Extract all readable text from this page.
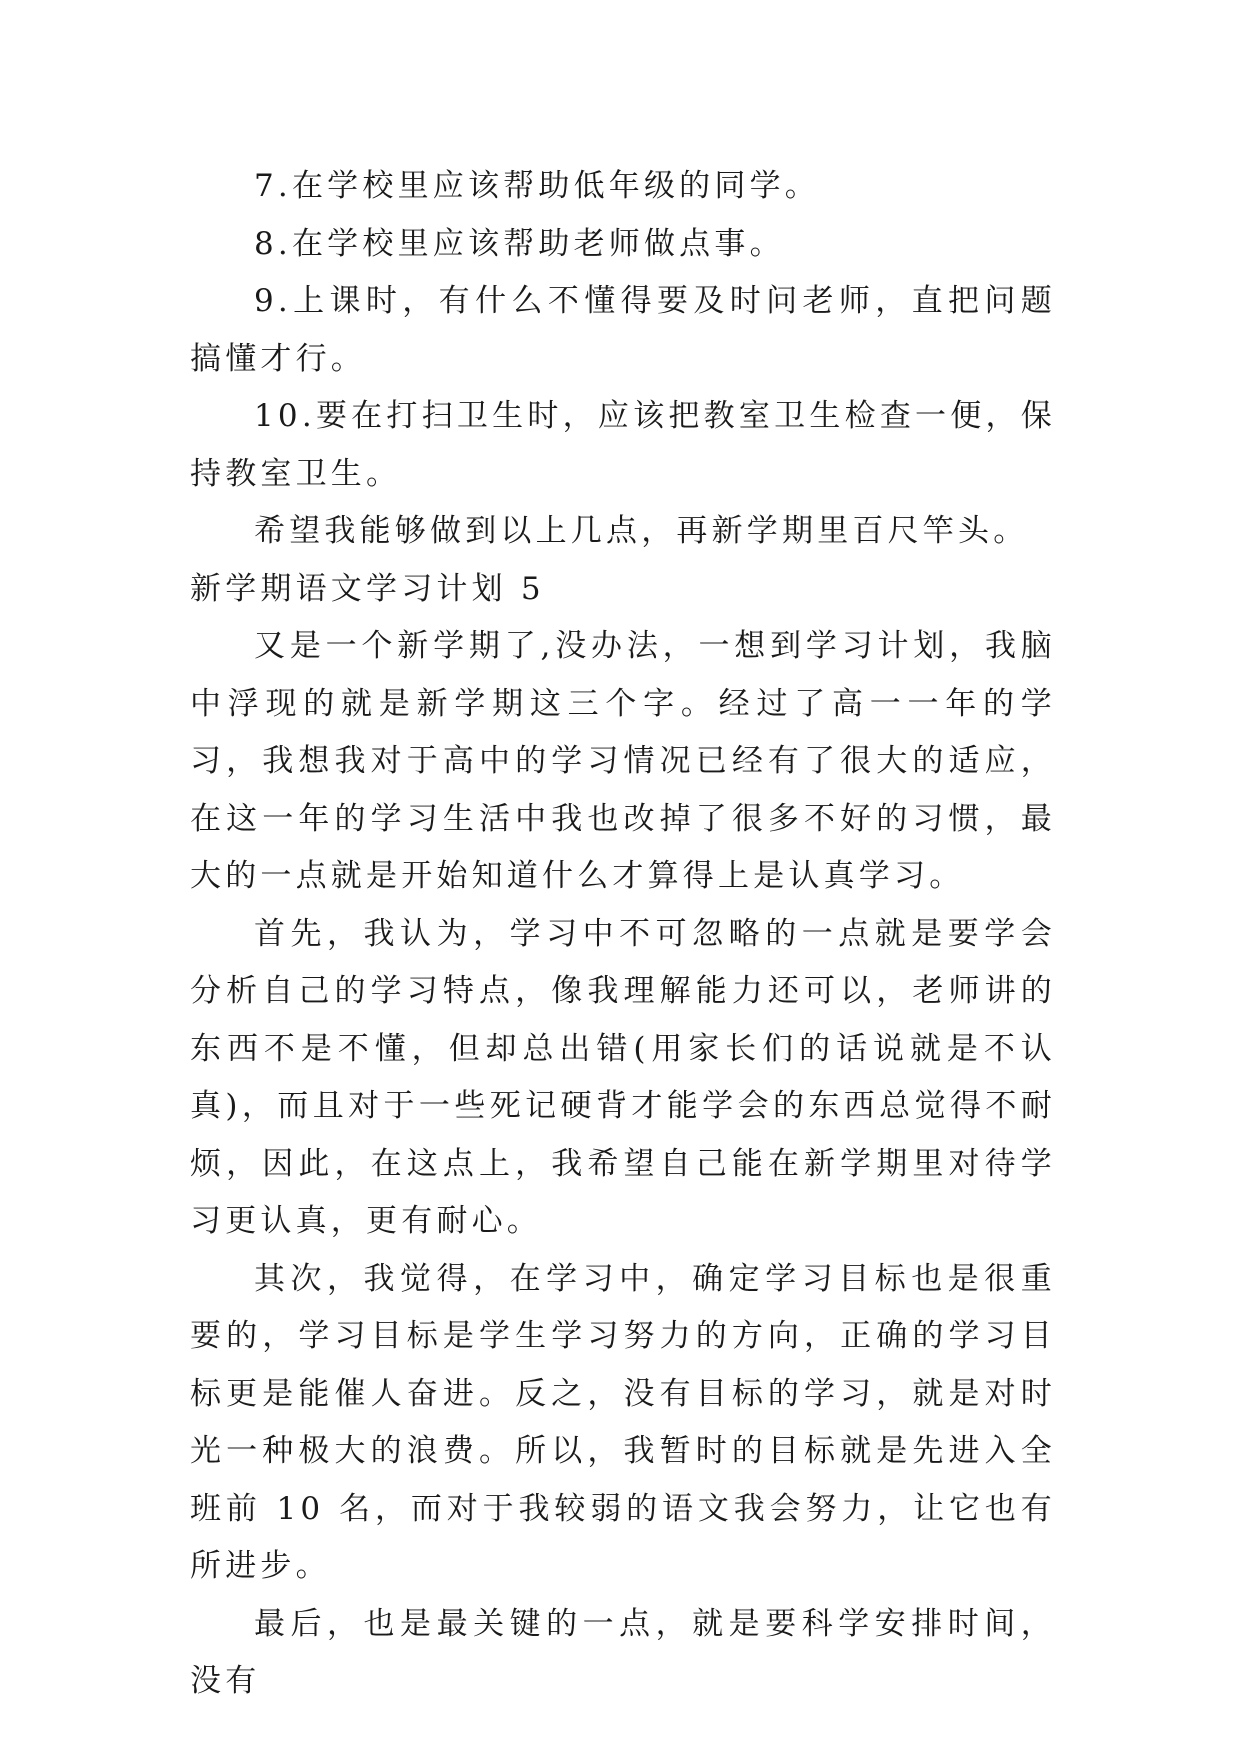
7.在学校里应该帮助低年级的同学。

8.在学校里应该帮助老师做点事。

9.上课时，有什么不懂得要及时问老师，直把问题搞懂才行。

10.要在打扫卫生时，应该把教室卫生检查一便，保持教室卫生。

希望我能够做到以上几点，再新学期里百尺竿头。

新学期语文学习计划 5

又是一个新学期了,没办法，一想到学习计划，我脑中浮现的就是新学期这三个字。经过了高一一年的学习，我想我对于高中的学习情况已经有了很大的适应，在这一年的学习生活中我也改掉了很多不好的习惯，最大的一点就是开始知道什么才算得上是认真学习。

首先，我认为，学习中不可忽略的一点就是要学会分析自己的学习特点，像我理解能力还可以，老师讲的东西不是不懂，但却总出错(用家长们的话说就是不认真)，而且对于一些死记硬背才能学会的东西总觉得不耐烦，因此，在这点上，我希望自己能在新学期里对待学习更认真，更有耐心。

其次，我觉得，在学习中，确定学习目标也是很重要的，学习目标是学生学习努力的方向，正确的学习目标更是能催人奋进。反之，没有目标的学习，就是对时光一种极大的浪费。所以，我暂时的目标就是先进入全班前 10 名，而对于我较弱的语文我会努力，让它也有所进步。

最后，也是最关键的一点，就是要科学安排时间，没有
